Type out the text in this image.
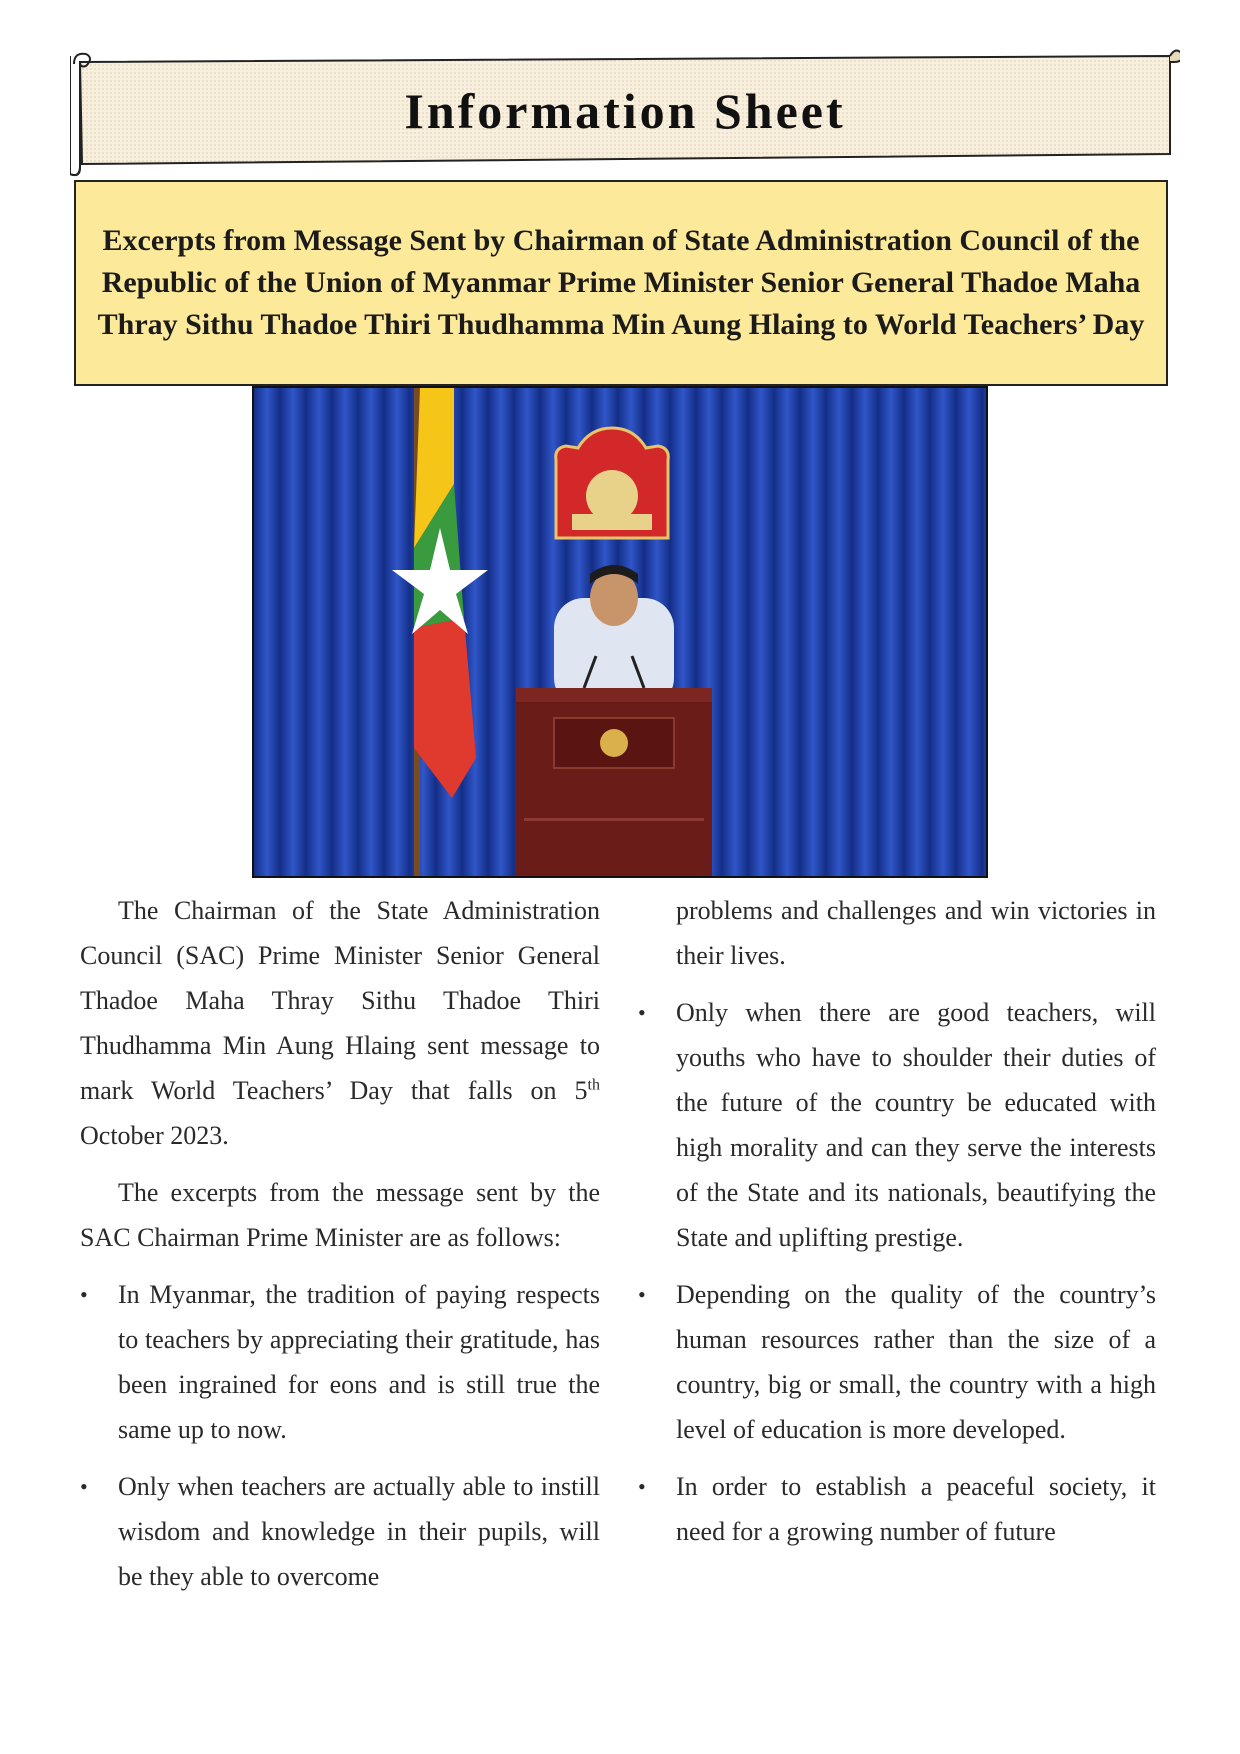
Information Sheet
Excerpts from Message Sent by Chairman of State Administration Council of the Republic of the Union of Myanmar Prime Minister Senior General Thadoe Maha Thray Sithu Thadoe Thiri Thudhamma Min Aung Hlaing to World Teachers’ Day

The Chairman of the State Administration Council (SAC) Prime Minister Senior General Thadoe Maha Thray Sithu Thadoe Thiri Thudhamma Min Aung Hlaing sent message to mark World Teachers’ Day that falls on 5th October 2023.

The excerpts from the message sent by the SAC Chairman Prime Minister are as follows:

• In Myanmar, the tradition of paying respects to teachers by appreciating their gratitude, has been ingrained for eons and is still true the same up to now.
• Only when teachers are actually able to instill wisdom and knowledge in their pupils, will be they able to overcome

problems and challenges and win victories in their lives.

• Only when there are good teachers, will youths who have to shoulder their duties of the future of the country be educated with high morality and can they serve the interests of the State and its nationals, beautifying the State and uplifting prestige.
• Depending on the quality of the country’s human resources rather than the size of a country, big or small, the country with a high level of education is more developed.
• In order to establish a peaceful society, it need for a growing number of future
